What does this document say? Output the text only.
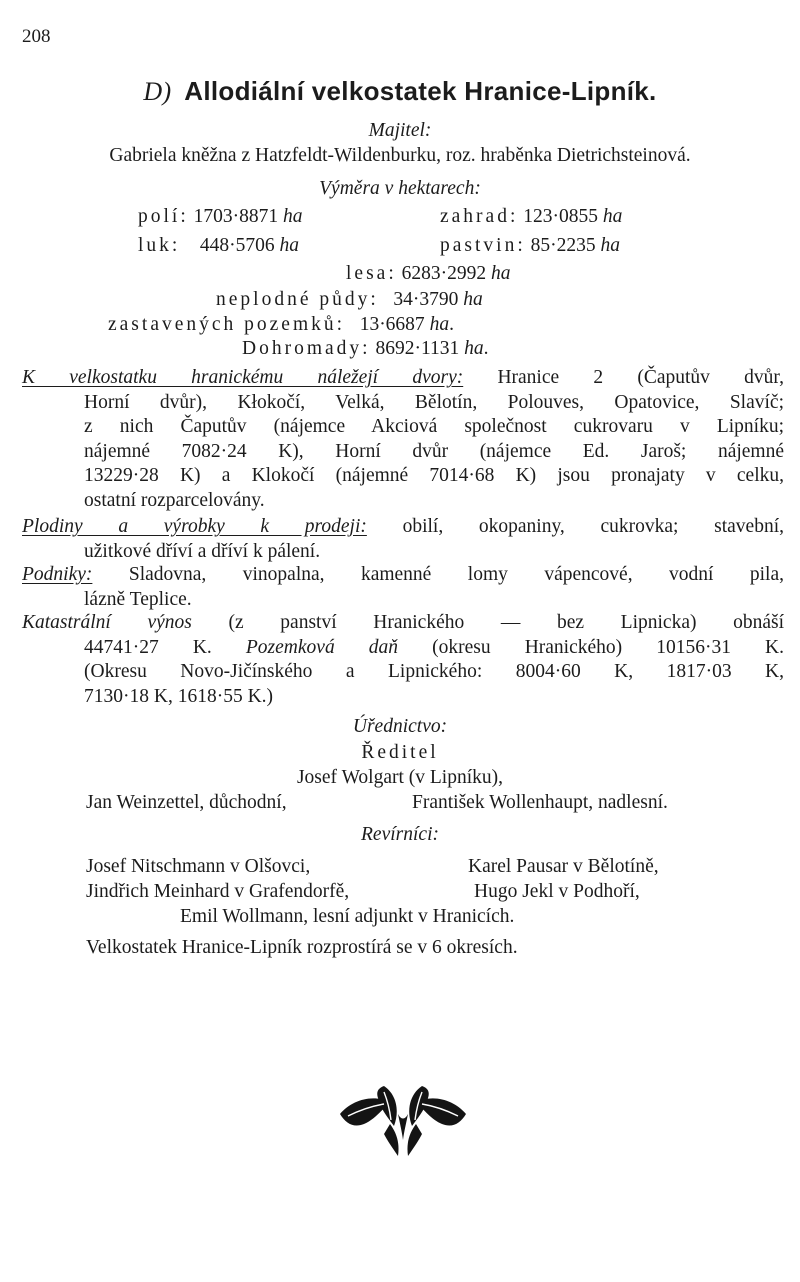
208
D) Allodiální velkostatek Hranice-Lipník.
Majitel:
Gabriela kněžna z Hatzfeldt-Wildenburku, roz. hraběnka Dietrichsteinová.
Výměra v hektarech:
polí: 1703·8871 ha	zahrad: 123·0855 ha
luk: 448·5706 ha	pastvin: 85·2235 ha
lesa: 6283·2992 ha
neplodné půdy: 34·3790 ha
zastavených pozemků: 13·6687 ha.
Dohromady: 8692·1131 ha.
K velkostatku hranickému náležejí dvory: Hranice 2 (Čaputův dvůr,
Horní dvůr), Kłokočí, Velká, Bělotín, Polouves, Opatovice, Slavíč;
z nich Čaputův (nájemce Akciová společnost cukrovaru v Lipníku;
nájemné 7082·24 K), Horní dvůr (nájemce Ed. Jaroš; nájemné
13229·28 K) a Klokočí (nájemné 7014·68 K) jsou pronajaty v celku,
ostatní rozparcelovány.
Plodiny a výrobky k prodeji: obilí, okopaniny, cukrovka; stavební,
užitkové dříví a dříví k pálení.
Podniky: Sladovna, vinopalna, kamenné lomy vápencové, vodní pila,
lázně Teplice.
Katastrální výnos (z panství Hranického — bez Lipnicka) obnáší
44741·27 K. Pozemková daň (okresu Hranického) 10156·31 K.
(Okresu Novo-Jičínského a Lipnického: 8004·60 K, 1817·03 K,
7130·18 K, 1618·55 K.)
Úřednictvo:
Ředitel
Josef Wolgart (v Lipníku),
Jan Weinzettel, důchodní,	František Wollenhaupt, nadlesní.
Revírníci:
Josef Nitschmann v Olšovci,	Karel Pausar v Bělotíně,
Jindřich Meinhard v Grafendorfě,	Hugo Jekl v Podhoří,
Emil Wollmann, lesní adjunkt v Hranicích.
Velkostatek Hranice-Lipník rozprostírá se v 6 okresích.
